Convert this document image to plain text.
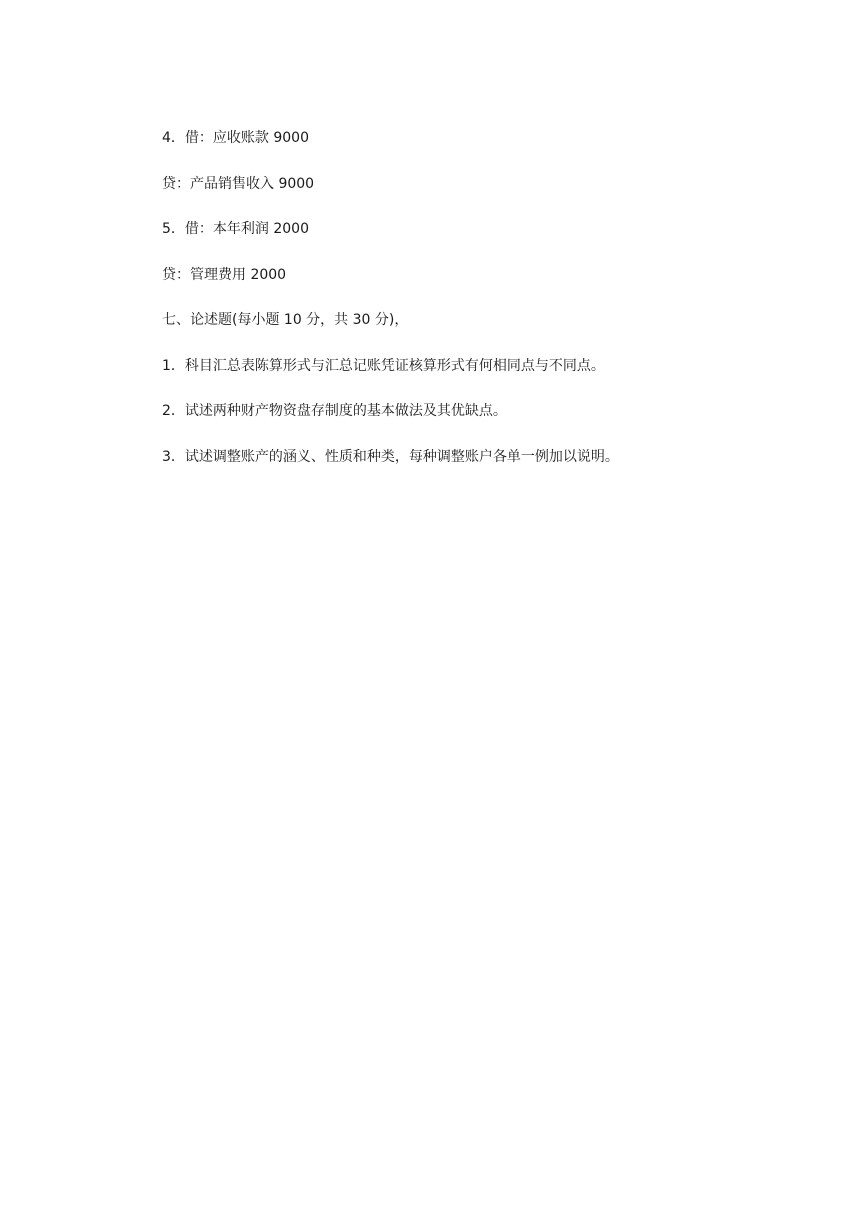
4．借：应收账款 9000

贷：产品销售收入 9000

5．借：本年利润 2000

贷：管理费用 2000

七、论述题(每小题 10 分，共 30 分)，

1．科目汇总表陈算形式与汇总记账凭证核算形式有何相同点与不同点。

2．试述两种财产物资盘存制度的基本做法及其优缺点。

3．试述调整账产的涵义、性质和种类，每种调整账户各单一例加以说明。
